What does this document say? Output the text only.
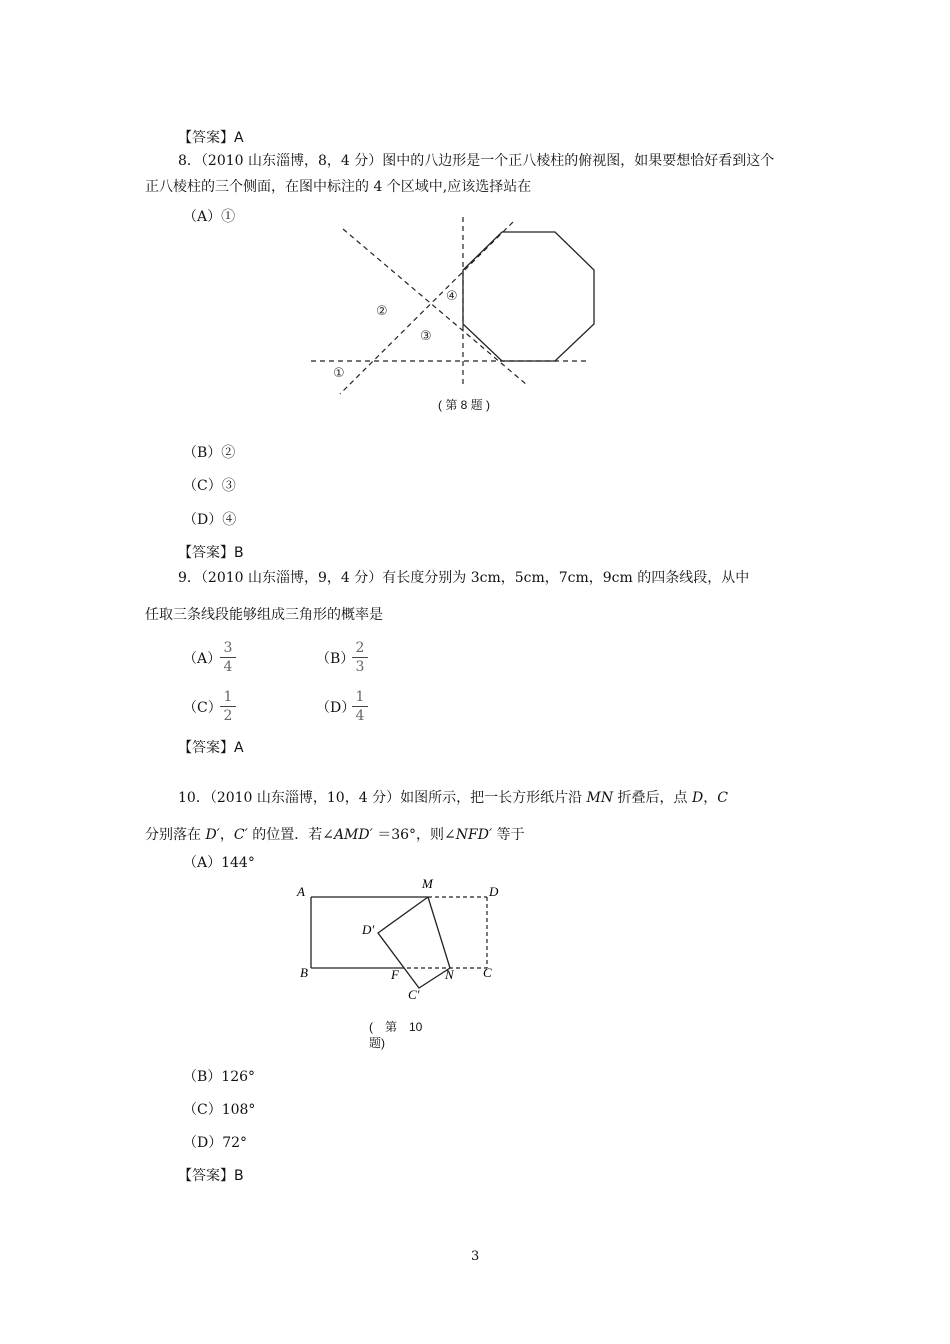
【答案】A
8．（2010 山东淄博，8，4 分）图中的八边形是一个正八棱柱的俯视图，如果要想恰好看到这个
正八棱柱的三个侧面，在图中标注的 4 个区域中,应该选择站在
（A）①
①
②
③
④
( 第 8 题 )
（B）②
（C）③
（D）④
【答案】B
9．（2010 山东淄博，9，4 分）有长度分别为 3cm，5cm，7cm，9cm 的四条线段，从中
任取三条线段能够组成三角形的概率是
（A）
3
4	（B）
2
3
（C）
1
2	（D）
1
4
【答案】A
10．（2010 山东淄博，10，4 分）如图所示，把一长方形纸片沿 MN 折叠后，点 D，C
分别落在 D′，C′ 的位置．若∠AMD′ ＝36°，则∠NFD′ 等于
（A）144°
A
B	C
D
M
N
F
D′
C′
(　第　10
题)
（B）126°
（C）108°
（D）72°
【答案】B
3
